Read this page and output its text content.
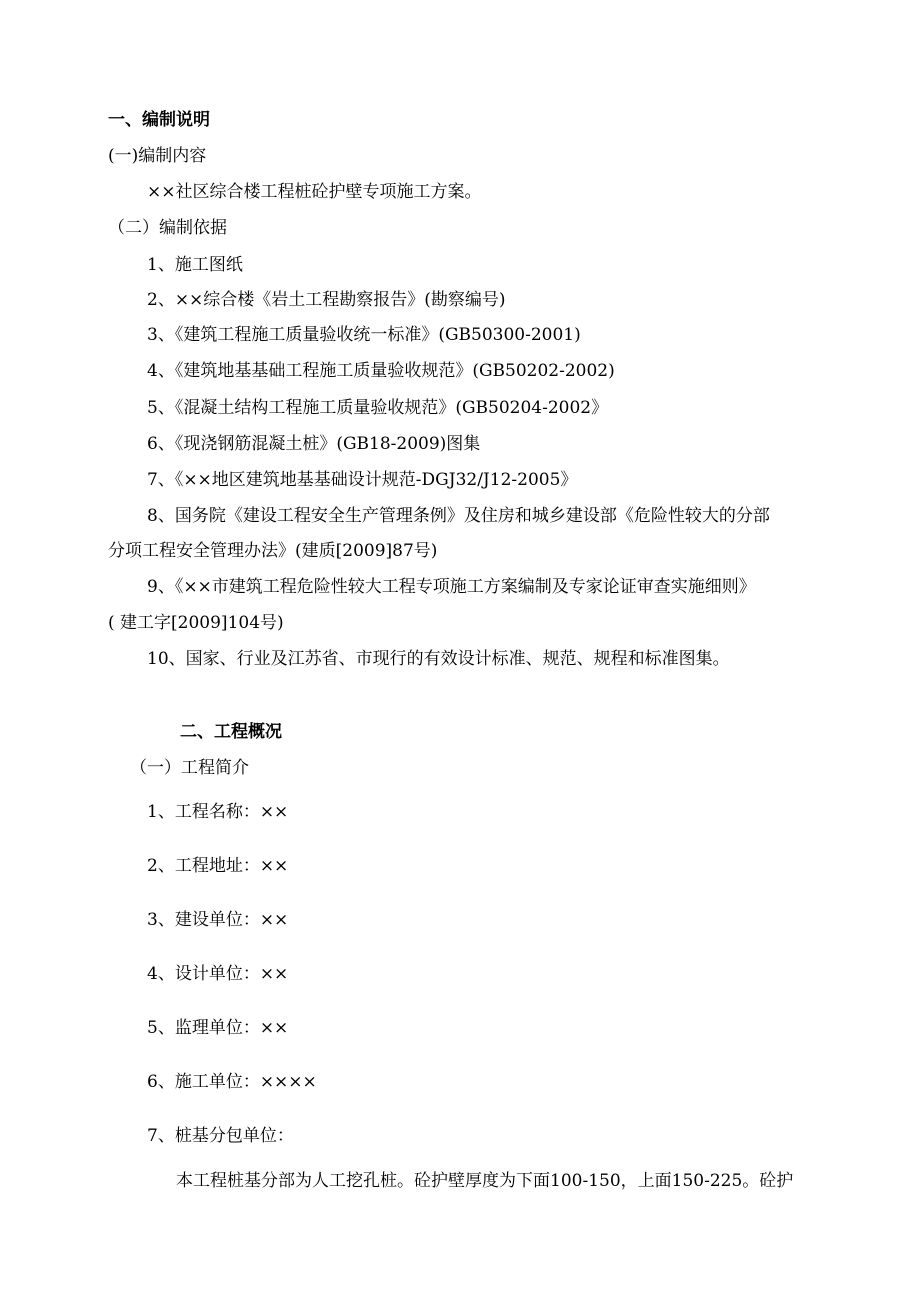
一、编制说明
(一)编制内容
××社区综合楼工程桩砼护壁专项施工方案。
（二）编制依据
1、施工图纸
2、××综合楼《岩土工程勘察报告》(勘察编号)
3、《建筑工程施工质量验收统一标准》(GB50300-2001)
4、《建筑地基基础工程施工质量验收规范》(GB50202-2002)
5、《混凝土结构工程施工质量验收规范》(GB50204-2002》
6、《现浇钢筋混凝土桩》(GB18-2009)图集
7、《××地区建筑地基基础设计规范-DGJ32/J12-2005》
8、国务院《建设工程安全生产管理条例》及住房和城乡建设部《危险性较大的分部
分项工程安全管理办法》(建质[2009]87号)
9、《××市建筑工程危险性较大工程专项施工方案编制及专家论证审查实施细则》
( 建工字[2009]104号)
10、国家、行业及江苏省、市现行的有效设计标准、规范、规程和标准图集。
二、工程概况
（一）工程简介
1、工程名称：××
2、工程地址：××
3、建设单位：××
4、设计单位：××
5、监理单位：××
6、施工单位：××××
7、桩基分包单位：
本工程桩基分部为人工挖孔桩。砼护壁厚度为下面100-150，上面150-225。砼护
